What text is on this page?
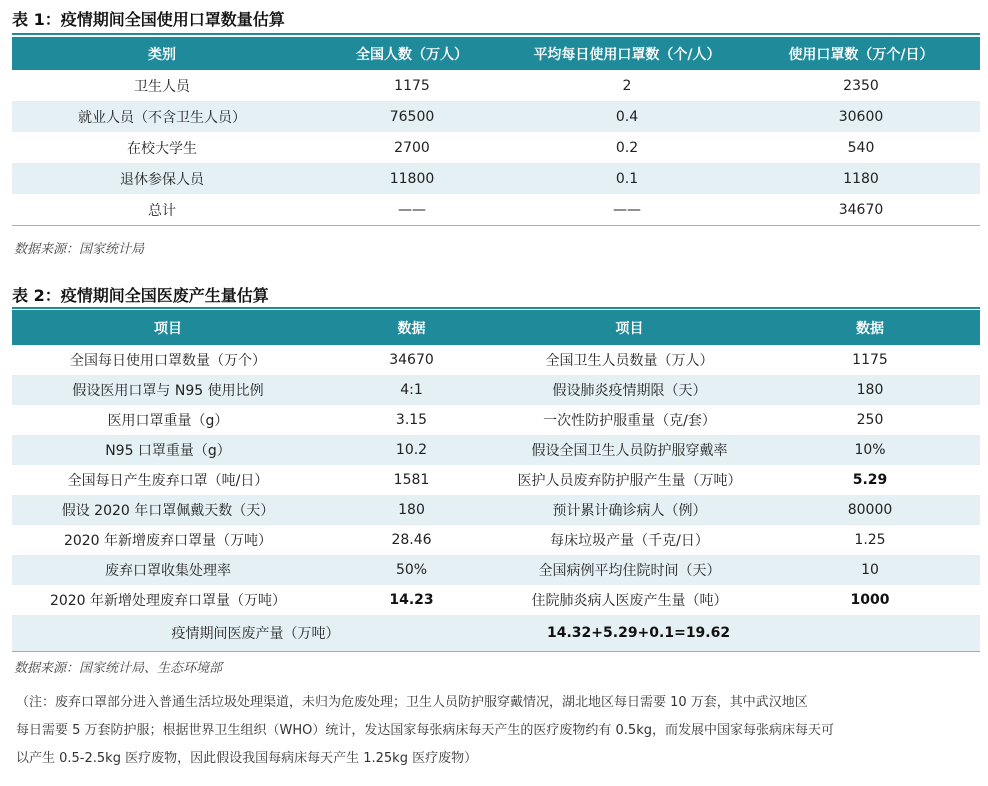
表 1：疫情期间全国使用口罩数量估算
类别	全国人数（万人）	平均每日使用口罩数（个/人）	使用口罩数（万个/日）
卫生人员	1175	2	2350
就业人员（不含卫生人员）	76500	0.4	30600
在校大学生	2700	0.2	540
退休参保人员	11800	0.1	1180
总计	——	——	34670
数据来源：国家统计局
表 2：疫情期间全国医废产生量估算
项目	数据	项目	数据
全国每日使用口罩数量（万个）	34670	全国卫生人员数量（万人）	1175
假设医用口罩与 N95 使用比例	4:1	假设肺炎疫情期限（天）	180
医用口罩重量（g）	3.15	一次性防护服重量（克/套）	250
N95 口罩重量（g）	10.2	假设全国卫生人员防护服穿戴率	10%
全国每日产生废弃口罩（吨/日）	1581	医护人员废弃防护服产生量（万吨）	5.29
假设 2020 年口罩佩戴天数（天）	180	预计累计确诊病人（例）	80000
2020 年新增废弃口罩量（万吨）	28.46	每床垃圾产量（千克/日）	1.25
废弃口罩收集处理率	50%	全国病例平均住院时间（天）	10
2020 年新增处理废弃口罩量（万吨）	14.23	住院肺炎病人医废产生量（吨）	1000
疫情期间医废产量（万吨）		14.32+5.29+0.1=19.62	
数据来源：国家统计局、生态环境部
（注：废弃口罩部分进入普通生活垃圾处理渠道，未归为危废处理；卫生人员防护服穿戴情况，湖北地区每日需要 10 万套，其中武汉地区
每日需要 5 万套防护服；根据世界卫生组织（WHO）统计，发达国家每张病床每天产生的医疗废物约有 0.5kg，而发展中国家每张病床每天可
以产生 0.5-2.5kg 医疗废物，因此假设我国每病床每天产生 1.25kg 医疗废物）
